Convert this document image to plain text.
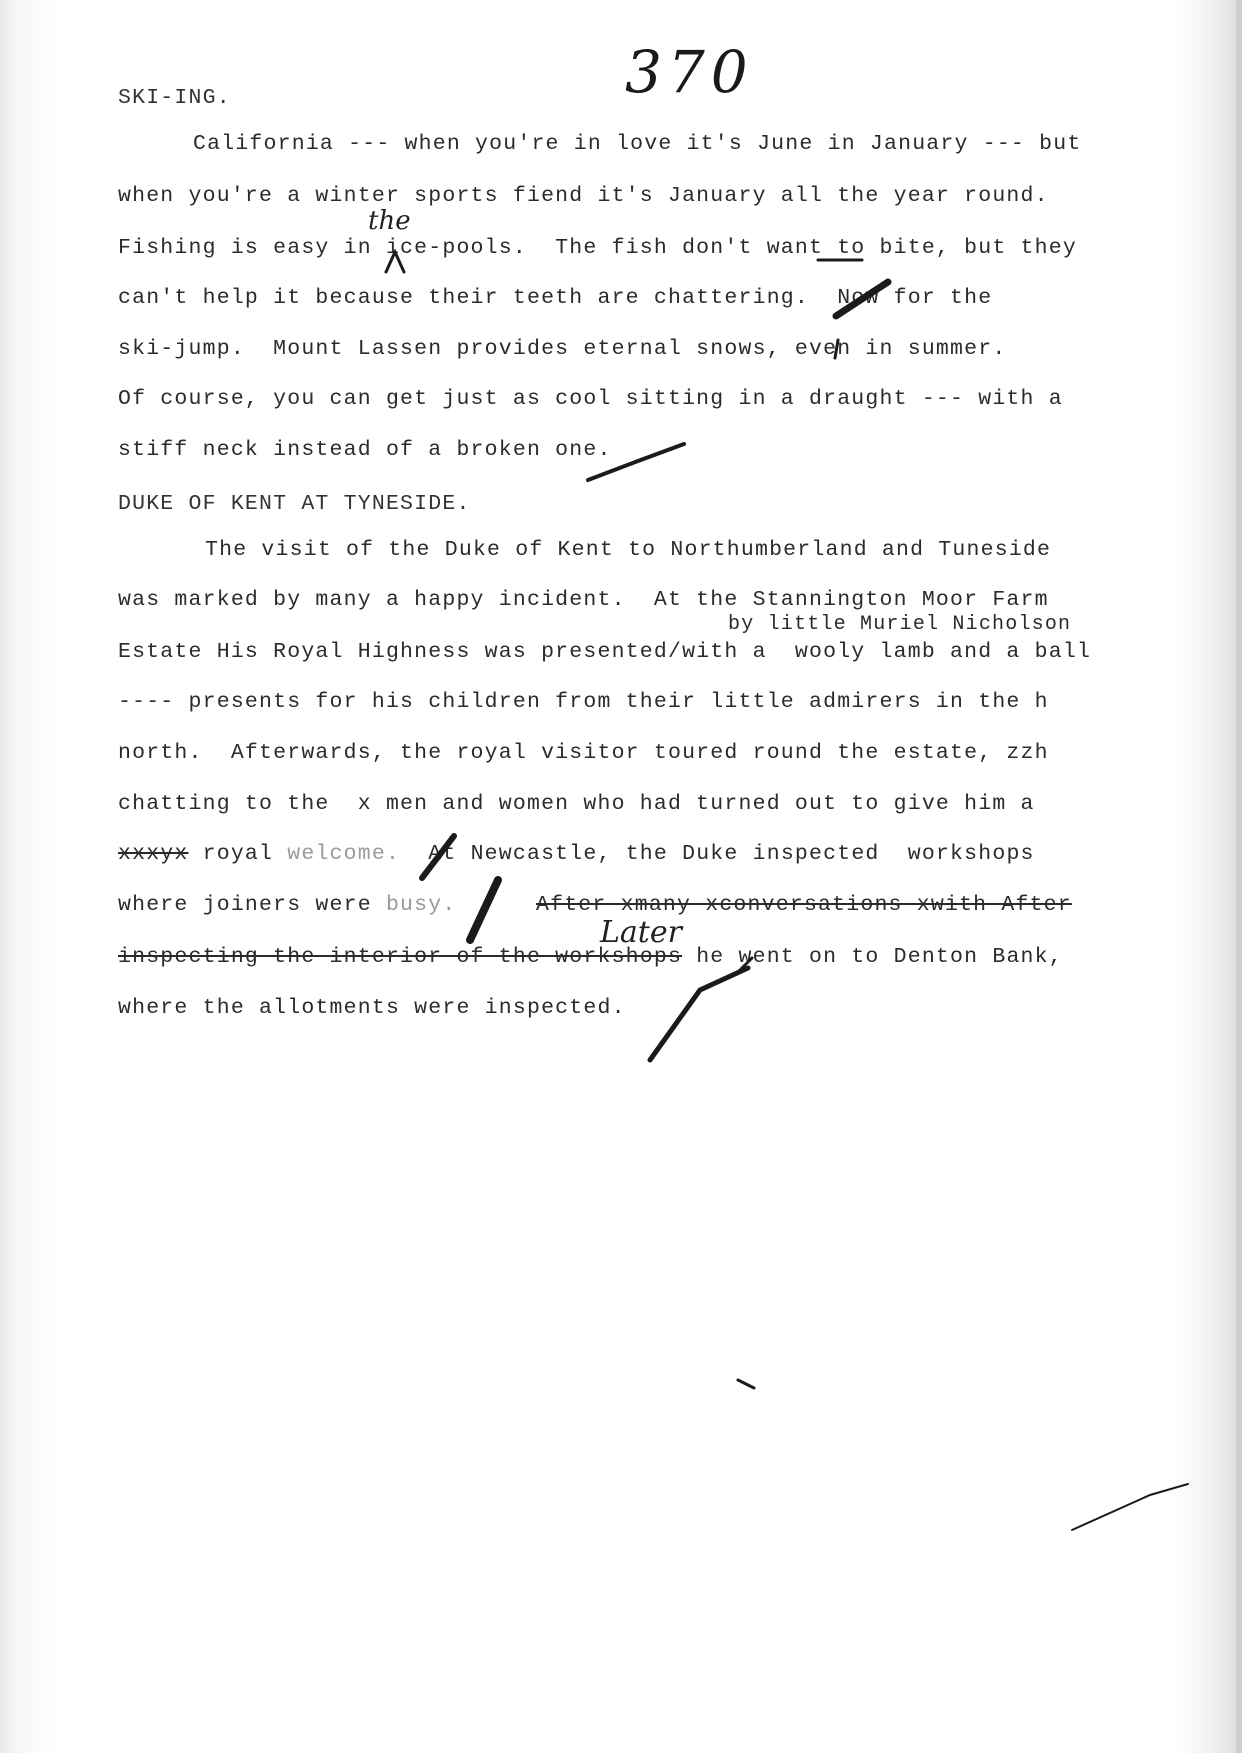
370
SKI-ING.
California --- when you're in love it's June in January --- but
when you're a winter sports fiend it's January all the year round.
Fishing is easy in ice-pools.  The fish don't want to bite, but they
the
can't help it because their teeth are chattering.  Now for the
ski-jump.  Mount Lassen provides eternal snows, even in summer.
Of course, you can get just as cool sitting in a draught --- with a
stiff neck instead of a broken one.
DUKE OF KENT AT TYNESIDE.
The visit of the Duke of Kent to Northumberland and Tuneside
was marked by many a happy incident.  At the Stannington Moor Farm
by little Muriel Nicholson
Estate His Royal Highness was presented/with a  wooly lamb and a ball
---- presents for his children from their little admirers in the h
north.  Afterwards, the royal visitor toured round the estate, zzh
chatting to the  x men and women who had turned out to give him a
xxxyx royal welcome.  At Newcastle, the Duke inspected  workshops
where joiners were busy.	After xmany xconversations xwith After
Later
inspecting the interior of the workshops he went on to Denton Bank,
where the allotments were inspected.
